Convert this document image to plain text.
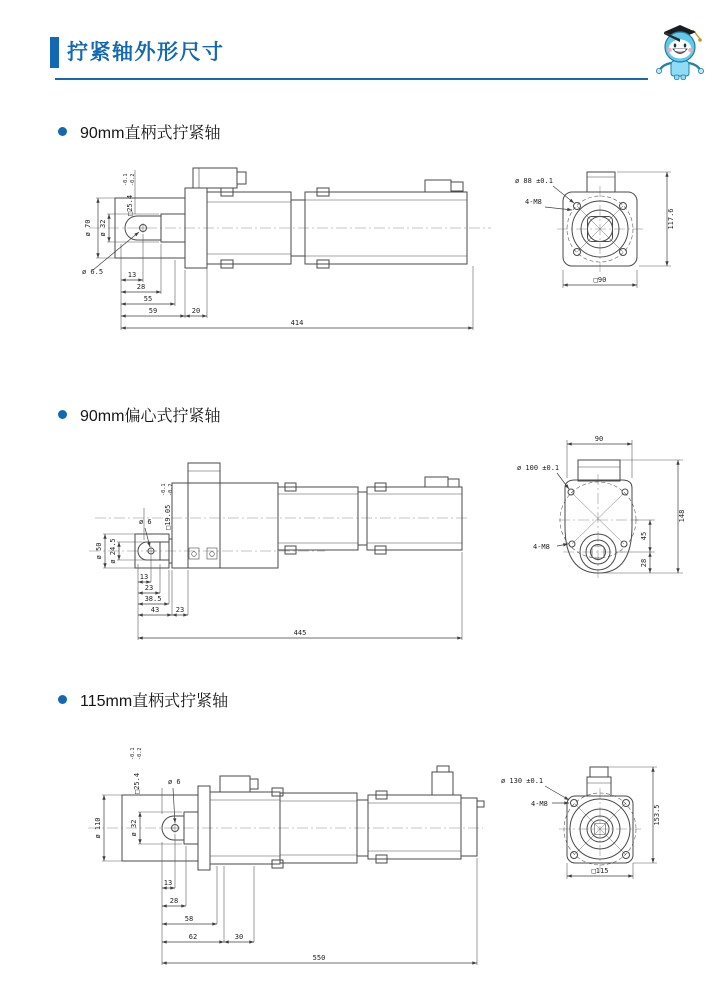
拧紧轴外形尺寸
90mm直柄式拧紧轴
90mm偏心式拧紧轴
115mm直柄式拧紧轴
13
28
55
59	20
414
ø 32
ø 70
□25.4
-0.1 -0.2
ø 6.5
ø 88 ±0.1
4-M8
□90
117.6
13
23
38.5
43 23
445
ø 50 ø 24.5
□19.05
-0.1 -0.2
ø 6
90
ø 100 ±0.1
4-M8
45
28
148
13
28
58
62	30
550
ø 110	ø 32
□25.4
-0.1 -0.2
ø 6	ø 130 ±0.1
4-M8
□115
153.5
